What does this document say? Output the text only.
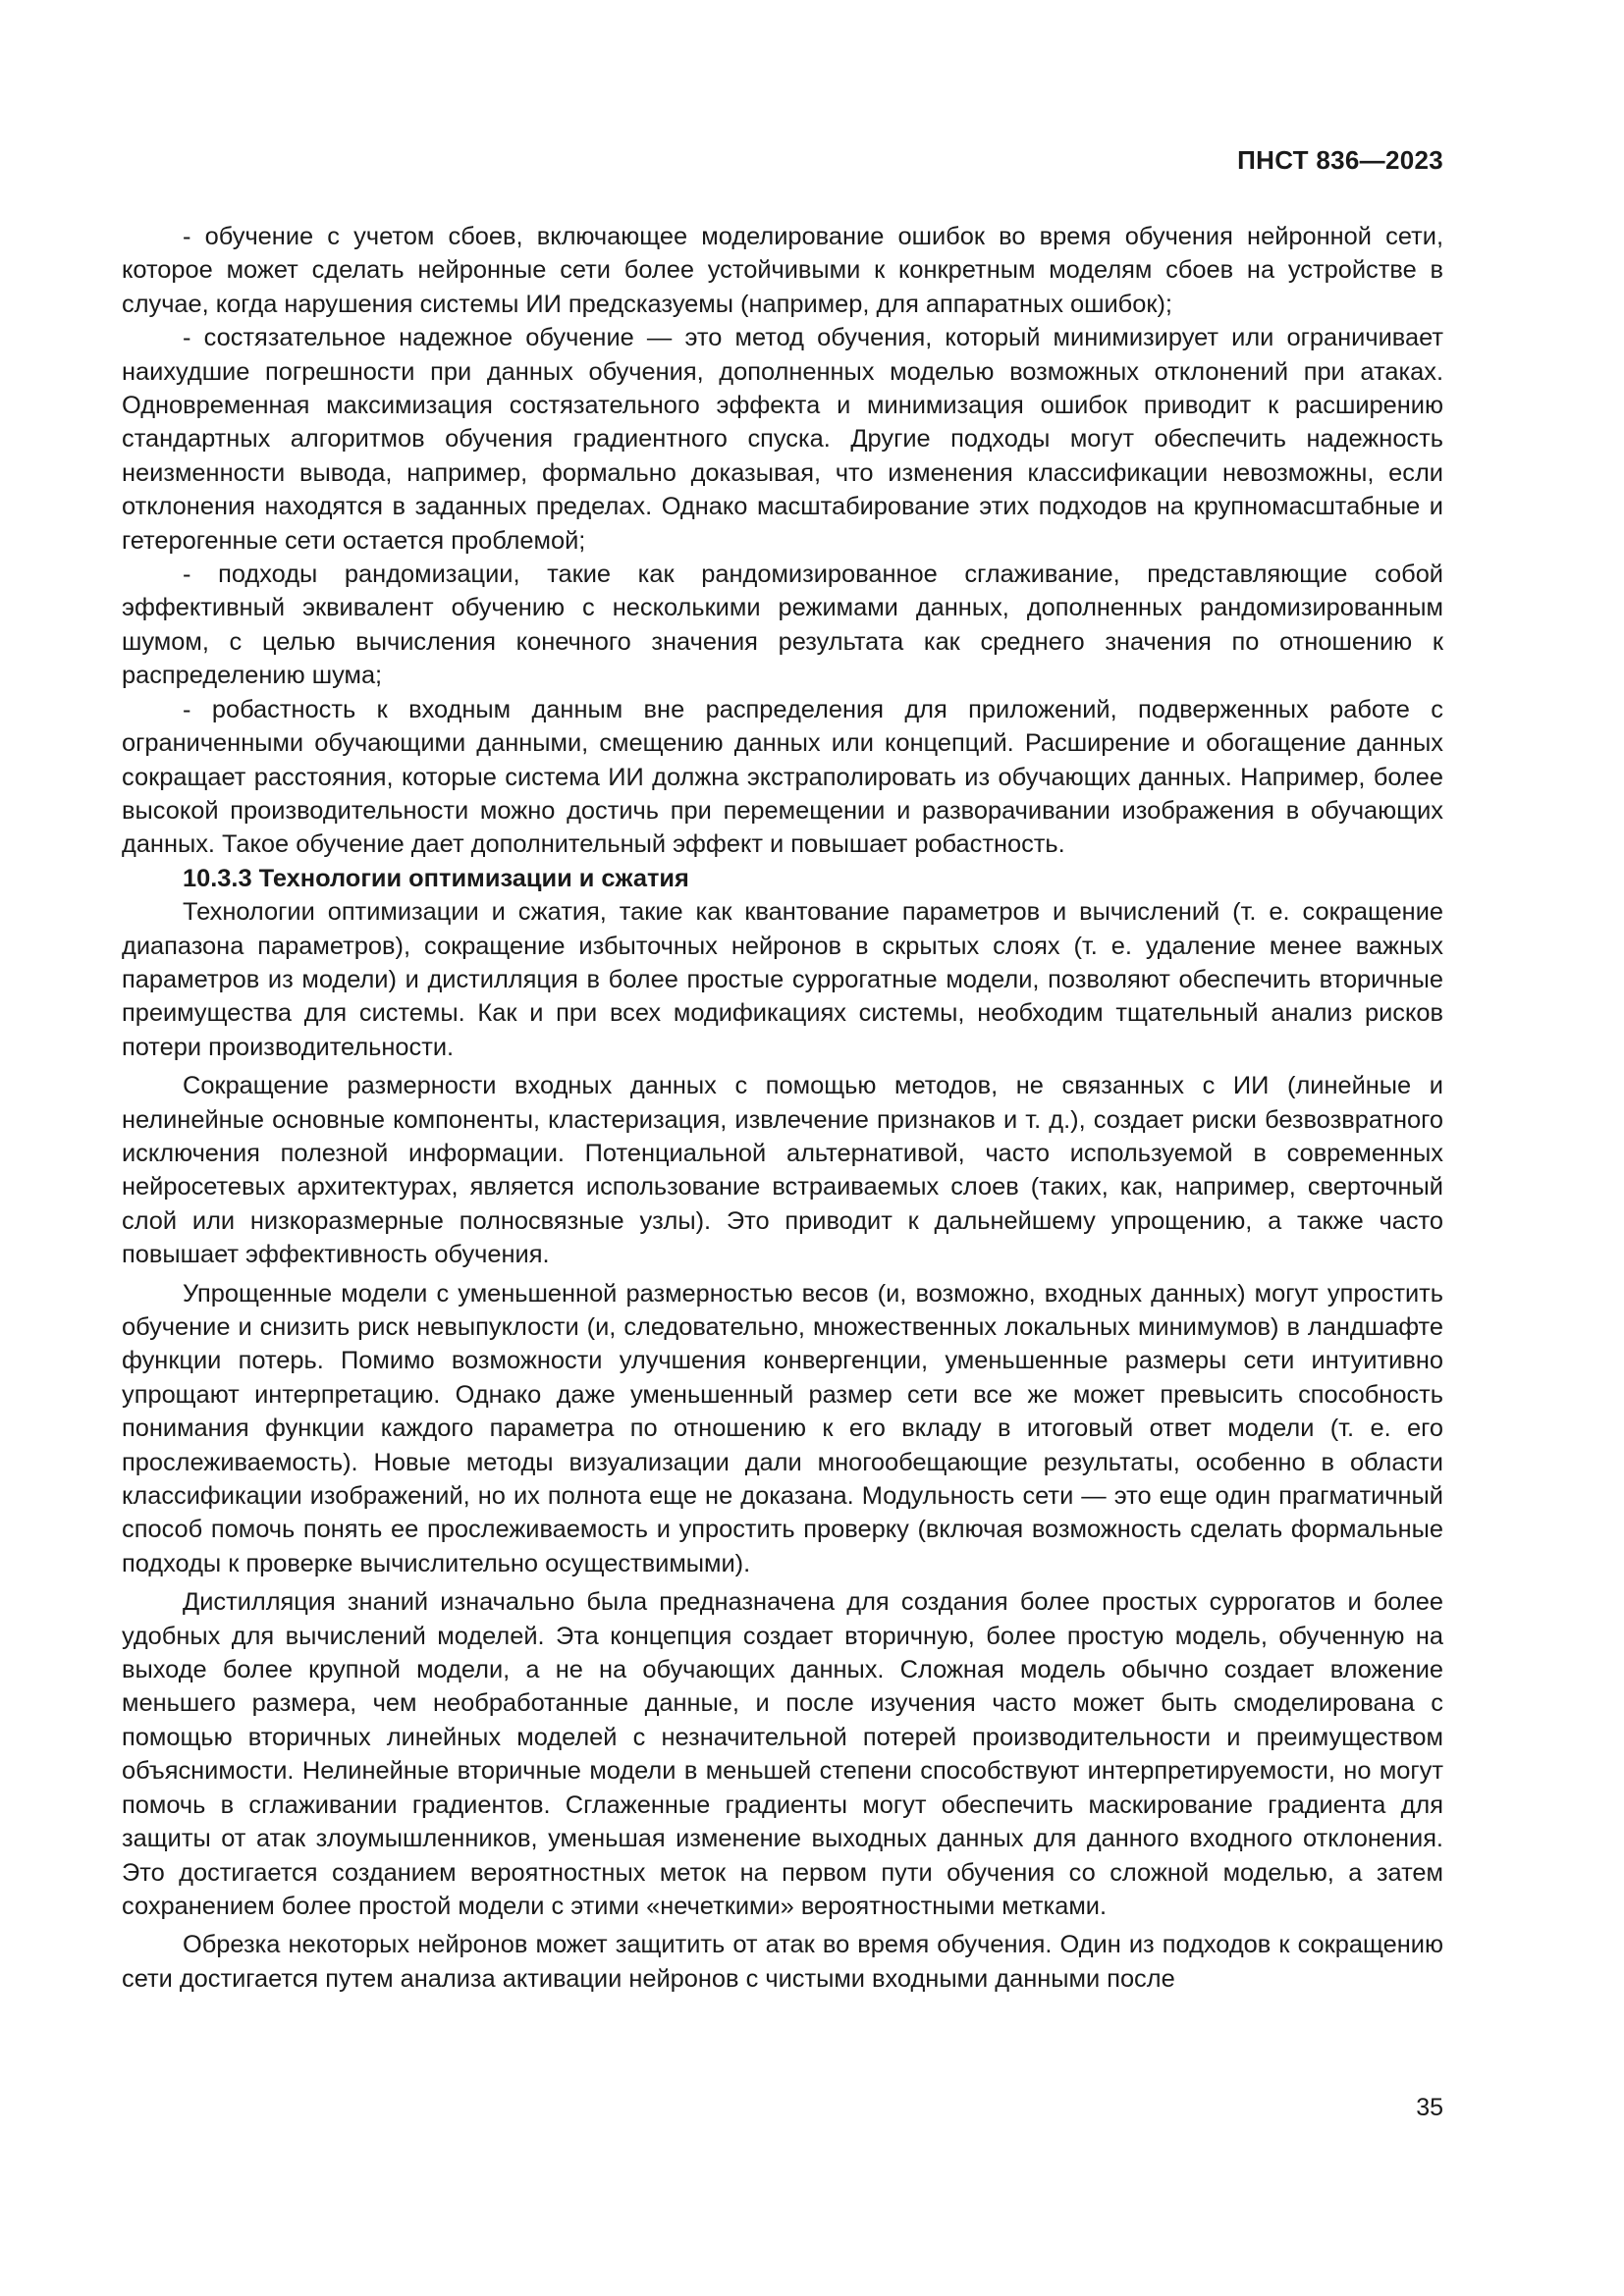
ПНСТ 836—2023

- обучение с учетом сбоев, включающее моделирование ошибок во время обучения нейронной сети, которое может сделать нейронные сети более устойчивыми к конкретным моделям сбоев на устройстве в случае, когда нарушения системы ИИ предсказуемы (например, для аппаратных ошибок);

- состязательное надежное обучение — это метод обучения, который минимизирует или ограничивает наихудшие погрешности при данных обучения, дополненных моделью возможных отклонений при атаках. Одновременная максимизация состязательного эффекта и минимизация ошибок приводит к расширению стандартных алгоритмов обучения градиентного спуска. Другие подходы могут обеспечить надежность неизменности вывода, например, формально доказывая, что изменения классификации невозможны, если отклонения находятся в заданных пределах. Однако масштабирование этих подходов на крупномасштабные и гетерогенные сети остается проблемой;

- подходы рандомизации, такие как рандомизированное сглаживание, представляющие собой эффективный эквивалент обучению с несколькими режимами данных, дополненных рандомизированным шумом, с целью вычисления конечного значения результата как среднего значения по отношению к распределению шума;

- робастность к входным данным вне распределения для приложений, подверженных работе с ограниченными обучающими данными, смещению данных или концепций. Расширение и обогащение данных сокращает расстояния, которые система ИИ должна экстраполировать из обучающих данных. Например, более высокой производительности можно достичь при перемещении и разворачивании изображения в обучающих данных. Такое обучение дает дополнительный эффект и повышает робастность.

10.3.3 Технологии оптимизации и сжатия

Технологии оптимизации и сжатия, такие как квантование параметров и вычислений (т. е. сокращение диапазона параметров), сокращение избыточных нейронов в скрытых слоях (т. е. удаление менее важных параметров из модели) и дистилляция в более простые суррогатные модели, позволяют обеспечить вторичные преимущества для системы. Как и при всех модификациях системы, необходим тщательный анализ рисков потери производительности.

Сокращение размерности входных данных с помощью методов, не связанных с ИИ (линейные и нелинейные основные компоненты, кластеризация, извлечение признаков и т. д.), создает риски безвозвратного исключения полезной информации. Потенциальной альтернативой, часто используемой в современных нейросетевых архитектурах, является использование встраиваемых слоев (таких, как, например, сверточный слой или низкоразмерные полносвязные узлы). Это приводит к дальнейшему упрощению, а также часто повышает эффективность обучения.

Упрощенные модели с уменьшенной размерностью весов (и, возможно, входных данных) могут упростить обучение и снизить риск невыпуклости (и, следовательно, множественных локальных минимумов) в ландшафте функции потерь. Помимо возможности улучшения конвергенции, уменьшенные размеры сети интуитивно упрощают интерпретацию. Однако даже уменьшенный размер сети все же может превысить способность понимания функции каждого параметра по отношению к его вкладу в итоговый ответ модели (т. е. его прослеживаемость). Новые методы визуализации дали многообещающие результаты, особенно в области классификации изображений, но их полнота еще не доказана. Модульность сети — это еще один прагматичный способ помочь понять ее прослеживаемость и упростить проверку (включая возможность сделать формальные подходы к проверке вычислительно осуществимыми).

Дистилляция знаний изначально была предназначена для создания более простых суррогатов и более удобных для вычислений моделей. Эта концепция создает вторичную, более простую модель, обученную на выходе более крупной модели, а не на обучающих данных. Сложная модель обычно создает вложение меньшего размера, чем необработанные данные, и после изучения часто может быть смоделирована с помощью вторичных линейных моделей с незначительной потерей производительности и преимуществом объяснимости. Нелинейные вторичные модели в меньшей степени способствуют интерпретируемости, но могут помочь в сглаживании градиентов. Сглаженные градиенты могут обеспечить маскирование градиента для защиты от атак злоумышленников, уменьшая изменение выходных данных для данного входного отклонения. Это достигается созданием вероятностных меток на первом пути обучения со сложной моделью, а затем сохранением более простой модели с этими «нечеткими» вероятностными метками.

Обрезка некоторых нейронов может защитить от атак во время обучения. Один из подходов к сокращению сети достигается путем анализа активации нейронов с чистыми входными данными после

35
